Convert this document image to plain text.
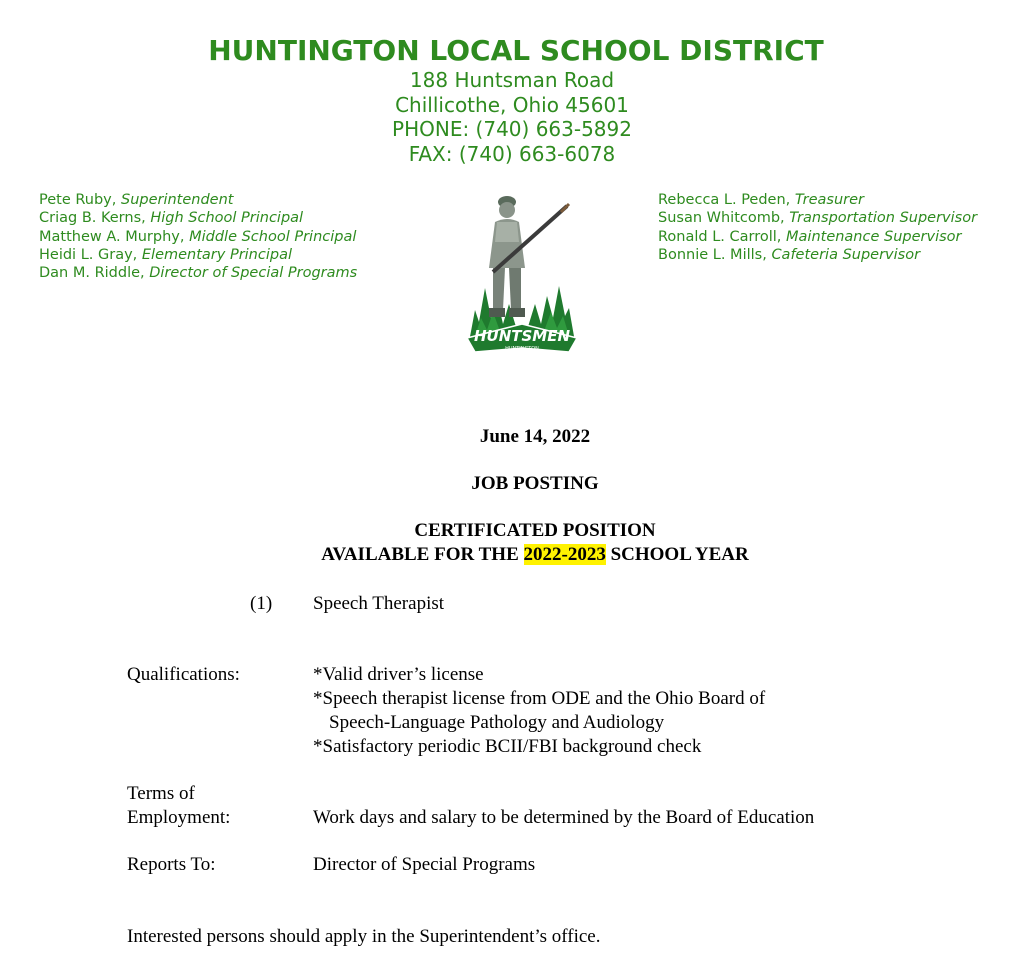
HUNTINGTON LOCAL SCHOOL DISTRICT
188 Huntsman Road
Chillicothe, Ohio 45601
PHONE: (740) 663-5892
FAX: (740) 663-6078
Pete Ruby, Superintendent
Criag B. Kerns, High School Principal
Matthew A. Murphy, Middle School Principal
Heidi L. Gray, Elementary Principal
Dan M. Riddle, Director of Special Programs
Rebecca L. Peden, Treasurer
Susan Whitcomb, Transportation Supervisor
Ronald L. Carroll, Maintenance Supervisor
Bonnie L. Mills, Cafeteria Supervisor
HUNTSMEN
HUNTINGTON
June 14, 2022
JOB POSTING
CERTIFICATED POSITION
AVAILABLE FOR THE 2022-2023 SCHOOL YEAR
(1) Speech Therapist
Qualifications:	*Valid driver’s license
*Speech therapist license from ODE and the Ohio Board of
Speech-Language Pathology and Audiology
*Satisfactory periodic BCII/FBI background check
Terms of
Employment:	Work days and salary to be determined by the Board of Education
Reports To:	Director of Special Programs
Interested persons should apply in the Superintendent’s office.
